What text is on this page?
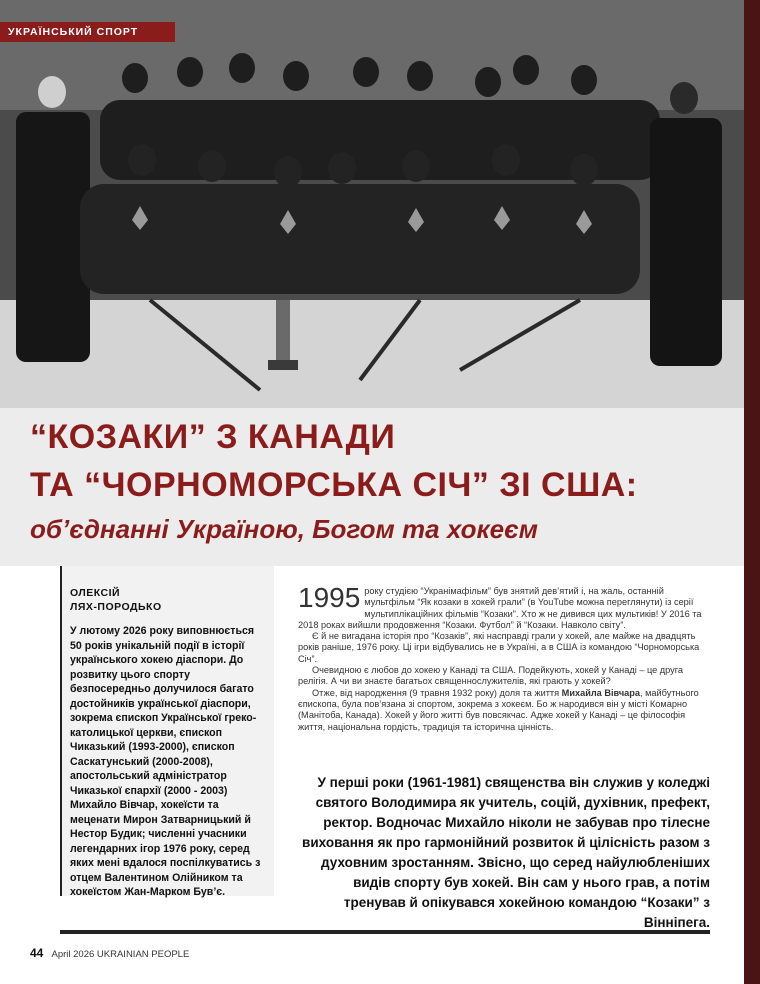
УКРАЇНСЬКИЙ СПОРТ
“КОЗАКИ” З КАНАДИ
ТА “ЧОРНОМОРСЬКА СІЧ” ЗІ США:
об’єднанні Україною, Богом та хокеєм
ОЛЕКСІЙ
ЛЯХ-ПОРОДЬКО
У лютому 2026 року виповнюється 50 років унікальній події в історії українського хокею діаспори. До розвитку цього спорту безпосередньо долучилося багато достойників української діаспори, зокрема єпископ Української греко-католицької церкви, єпископ Чиказький (1993-2000), єпископ Саскатунський (2000-2008), апостольський адміністратор Чиказької єпархії (2000 - 2003) Михайло Вівчар, хокеїсти та меценати Мирон Затварницький й Нестор Будик; численні учасники легендарних ігор 1976 року, серед яких мені вдалося поспілкуватись з отцем Валентином Олійником та хокеїстом Жан-Марком Був’є.
1995 року студією “Укранімафільм” був знятий дев’ятий і, на жаль, останній мультфільм “Як козаки в хокей грали” (в YouTube можна переглянути) із серії мультиплікаційних фільмів “Козаки”. Хто ж не дивився цих мультиків! У 2016 та 2018 роках вийшли продовження “Козаки. Футбол” й “Козаки. Навколо світу”.

Є й не вигадана історія про “Козаків”, які насправді грали у хокей, але майже на двадцять років раніше, 1976 року. Ці ігри відбувались не в Україні, а в США із командою “Чорноморська Січ”.

Очевидною є любов до хокею у Канаді та США. Подейкують, хокей у Канаді – це друга релігія. А чи ви знаєте багатьох священнослужителів, які грають у хокей?

Отже, від народження (9 травня 1932 року) доля та життя Михайла Вівчара, майбутнього єпископа, була пов’язана зі спортом, зокрема з хокеєм. Бо ж народився він у місті Комарно (Манітоба, Канада). Хокей у його житті був повсякчас. Адже хокей у Канаді – це філософія життя, національна гордість, традиція та історична цінність.

У перші роки (1961-1981) священства він служив у коледжі святого Володимира як учитель, соцій, духівник, префект, ректор. Водночас Михайло ніколи не забував про тілесне виховання як про гармонійний розвиток й цілісність разом з духовним зростанням. Звісно, що серед найулюбленіших видів спорту був хокей. Він сам у нього грав, а потім тренував й опікувався хокейною командою “Козаки” з Вінніпега.
44 April 2026 UKRAINIAN PEOPLE
